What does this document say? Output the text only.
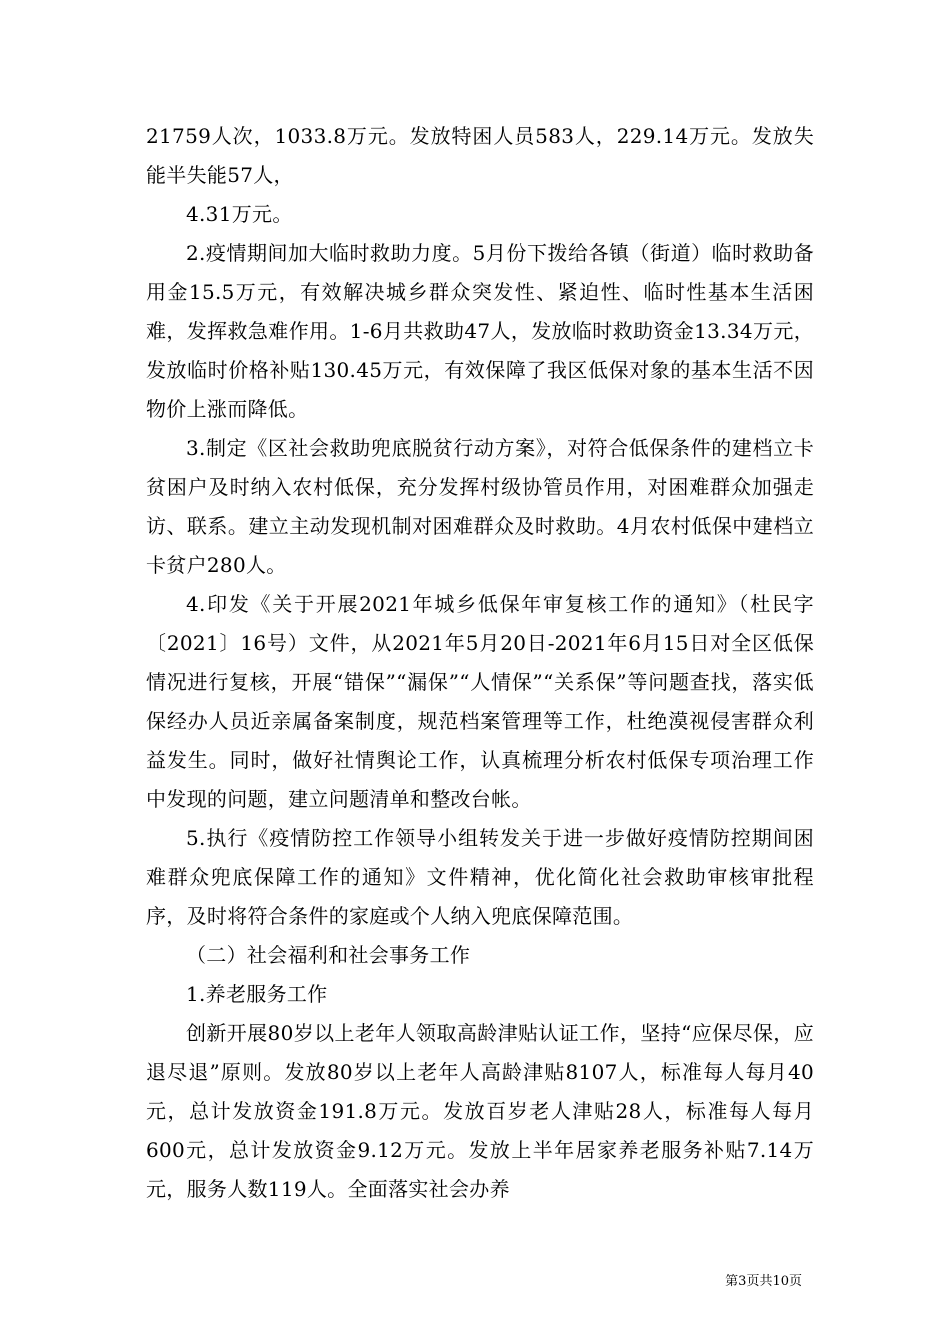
21759人次，1033.8万元。发放特困人员583人，229.14万元。发放失能半失能57人，

4.31万元。

2.疫情期间加大临时救助力度。5月份下拨给各镇（街道）临时救助备用金15.5万元，有效解决城乡群众突发性、紧迫性、临时性基本生活困难，发挥救急难作用。1-6月共救助47人，发放临时救助资金13.34万元，发放临时价格补贴130.45万元，有效保障了我区低保对象的基本生活不因物价上涨而降低。

3.制定《区社会救助兜底脱贫行动方案》，对符合低保条件的建档立卡贫困户及时纳入农村低保，充分发挥村级协管员作用，对困难群众加强走访、联系。建立主动发现机制对困难群众及时救助。4月农村低保中建档立卡贫户280人。

4.印发《关于开展2021年城乡低保年审复核工作的通知》（杜民字〔2021〕16号）文件，从2021年5月20日-2021年6月15日对全区低保情况进行复核，开展“错保”“漏保”“人情保”“关系保”等问题查找，落实低保经办人员近亲属备案制度，规范档案管理等工作，杜绝漠视侵害群众利益发生。同时，做好社情舆论工作，认真梳理分析农村低保专项治理工作中发现的问题，建立问题清单和整改台帐。

5.执行《疫情防控工作领导小组转发关于进一步做好疫情防控期间困难群众兜底保障工作的通知》文件精神，优化简化社会救助审核审批程序，及时将符合条件的家庭或个人纳入兜底保障范围。

（二）社会福利和社会事务工作

1.养老服务工作

创新开展80岁以上老年人领取高龄津贴认证工作，坚持“应保尽保，应退尽退”原则。发放80岁以上老年人高龄津贴8107人，标准每人每月40元，总计发放资金191.8万元。发放百岁老人津贴28人，标准每人每月600元，总计发放资金9.12万元。发放上半年居家养老服务补贴7.14万元，服务人数119人。全面落实社会办养

第3页共10页
